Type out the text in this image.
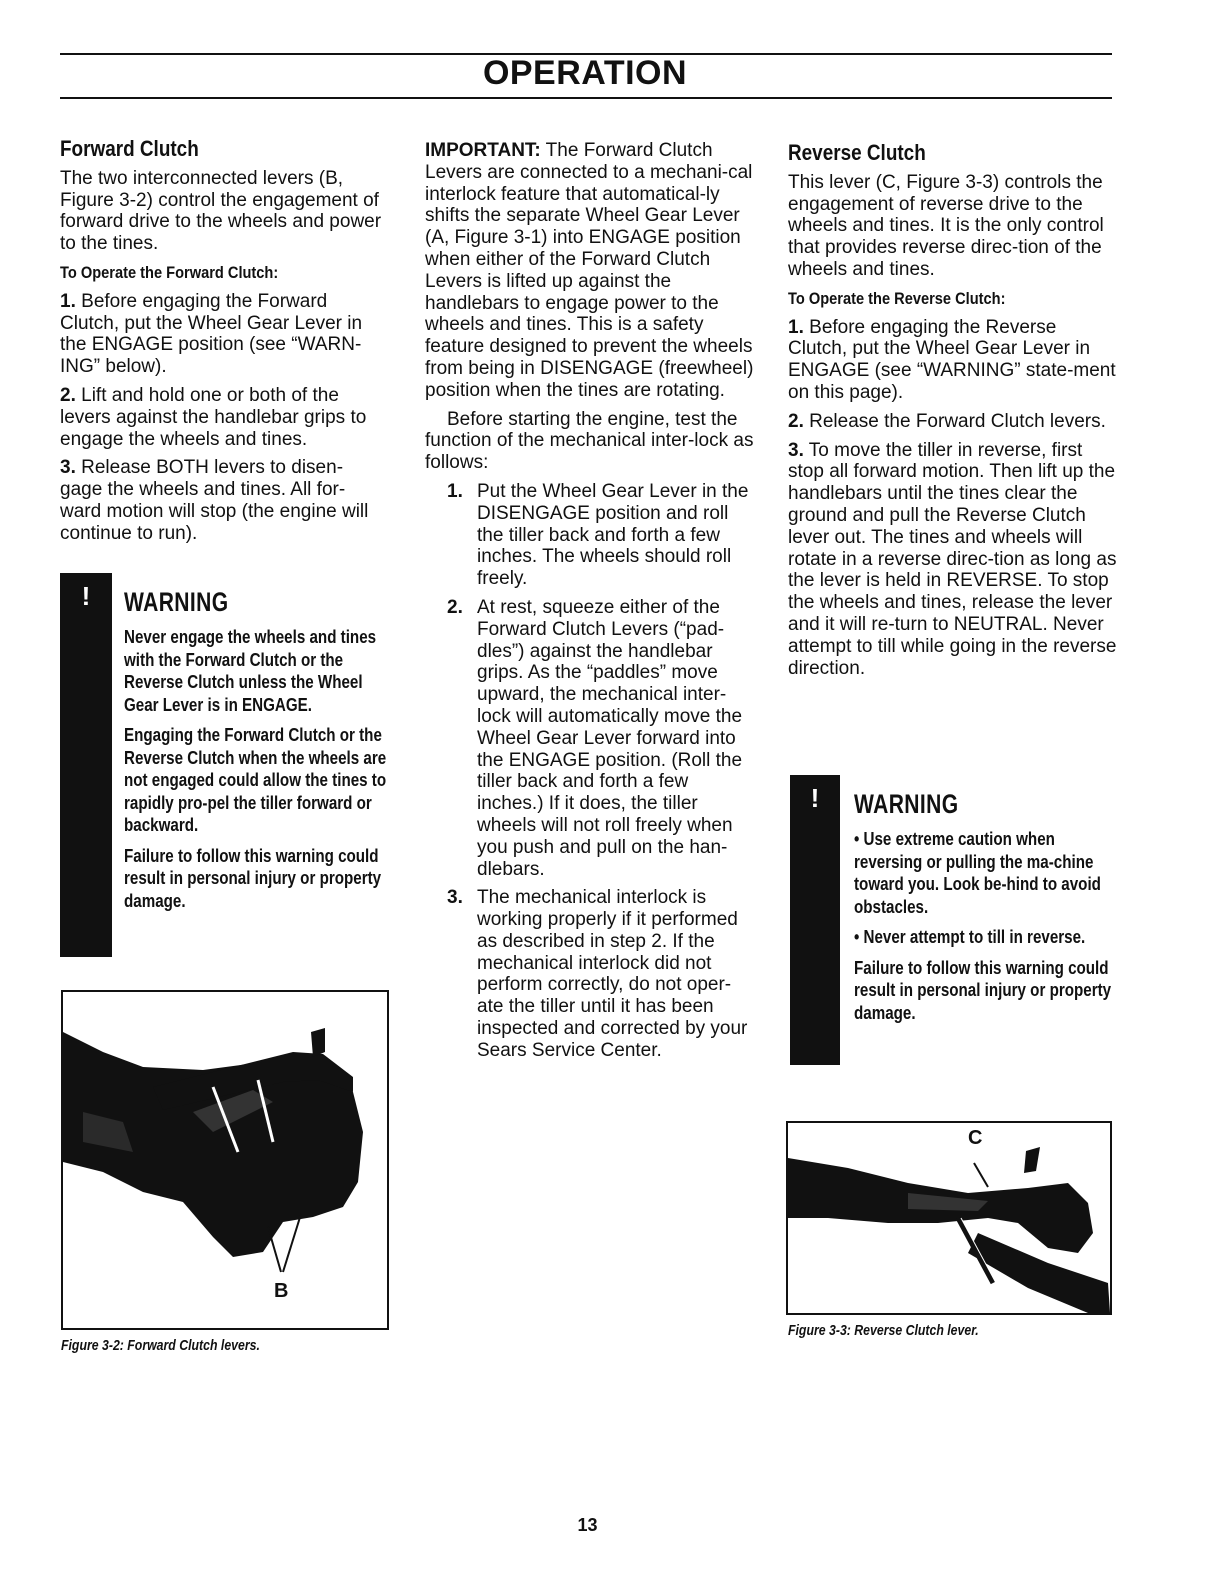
OPERATION
Forward Clutch

The two interconnected levers (B, Figure 3-2) control the engagement of forward drive to the wheels and power to the tines.

To Operate the Forward Clutch:

1. Before engaging the Forward Clutch, put the Wheel Gear Lever in the ENGAGE position (see “WARN-ING” below).

2. Lift and hold one or both of the levers against the handlebar grips to engage the wheels and tines.

3. Release BOTH levers to disen-gage the wheels and tines. All for-ward motion will stop (the engine will continue to run).

!	WARNING
Never engage the wheels and tines with the Forward Clutch or the Reverse Clutch unless the Wheel Gear Lever is in ENGAGE.
Engaging the Forward Clutch or the Reverse Clutch when the wheels are not engaged could allow the tines to rapidly pro-pel the tiller forward or backward.
Failure to follow this warning could result in personal injury or property damage.
B
Figure 3-2: Forward Clutch levers.

IMPORTANT: The Forward Clutch Levers are connected to a mechani-cal interlock feature that automatical-ly shifts the separate Wheel Gear Lever (A, Figure 3-1) into ENGAGE position when either of the Forward Clutch Levers is lifted up against the handlebars to engage power to the wheels and tines. This is a safety feature designed to prevent the wheels from being in DISENGAGE (freewheel) position when the tines are rotating.

Before starting the engine, test the function of the mechanical inter-lock as follows:

1. Put the Wheel Gear Lever in the DISENGAGE position and roll the tiller back and forth a few inches. The wheels should roll freely.
2. At rest, squeeze either of the Forward Clutch Levers (“pad-dles”) against the handlebar grips. As the “paddles” move upward, the mechanical inter-lock will automatically move the Wheel Gear Lever forward into the ENGAGE position. (Roll the tiller back and forth a few inches.) If it does, the tiller wheels will not roll freely when you push and pull on the han-dlebars.
3. The mechanical interlock is working properly if it performed as described in step 2. If the mechanical interlock did not perform correctly, do not oper-ate the tiller until it has been inspected and corrected by your Sears Service Center.
Reverse Clutch

This lever (C, Figure 3-3) controls the engagement of reverse drive to the wheels and tines. It is the only control that provides reverse direc-tion of the wheels and tines.

To Operate the Reverse Clutch:

1. Before engaging the Reverse Clutch, put the Wheel Gear Lever in ENGAGE (see “WARNING” state-ment on this page).

2. Release the Forward Clutch levers.

3. To move the tiller in reverse, first stop all forward motion. Then lift up the handlebars until the tines clear the ground and pull the Reverse Clutch lever out. The tines and wheels will rotate in a reverse direc-tion as long as the lever is held in REVERSE. To stop the wheels and tines, release the lever and it will re-turn to NEUTRAL. Never attempt to till while going in the reverse direction.

!	WARNING
• Use extreme caution when reversing or pulling the ma-chine toward you. Look be-hind to avoid obstacles.
• Never attempt to till in reverse.
Failure to follow this warning could result in personal injury or property damage.
C
Figure 3-3: Reverse Clutch lever.
13
